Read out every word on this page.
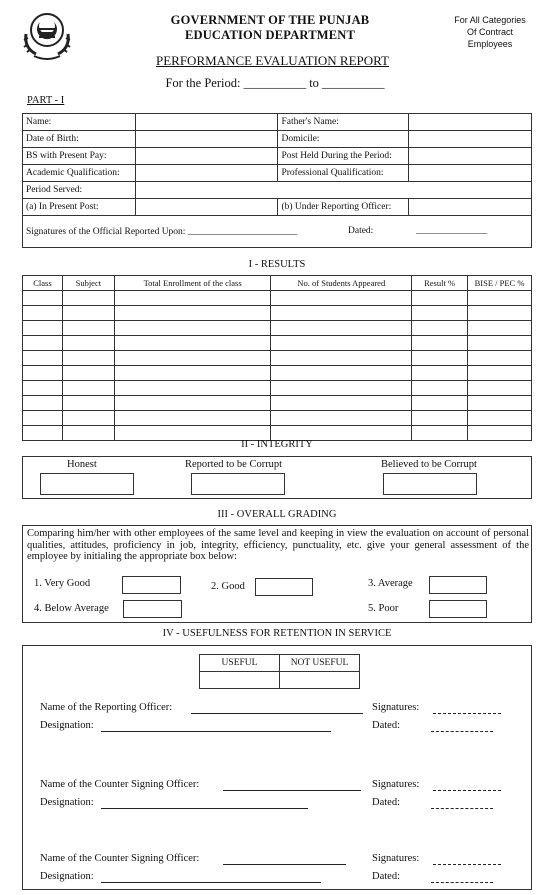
GOVERNMENT OF THE PUNJAB
EDUCATION DEPARTMENT
For All Categories
Of Contract
Employees
PERFORMANCE EVALUATION REPORT
For the Period: __________ to __________
PART - I
Name:		Father's Name:	
Date of Birth:		Domicile:	
BS with Present Pay:		Post Held During the Period:	
Academic Qualification:		Professional Qualification:	
Period Served:			
(a) In Present Post:		(b) Under Reporting Officer:	
Signatures of the Official Reported Upon: _______________________ Dated: _______________			
I - RESULTS
Class	Subject	Total Enrollment of the class	No. of Students Appeared	Result %	BISE / PEC %

II - INTEGRITY
Honest	Reported to be Corrupt	Believed to be Corrupt
III - OVERALL GRADING
Comparing him/her with other employees of the same level and keeping in view the evaluation on account of personal qualities, attitudes, proficiency in job, integrity, efficiency, punctuality, etc. give your general assessment of the employee by initialing the appropriate box below:
1. Very Good	2. Good	3. Average
4. Below Average	5. Poor
IV - USEFULNESS FOR RETENTION IN SERVICE
USEFUL	NOT USEFUL

Name of the Reporting Officer:	Signatures:
Designation:	Dated:
Name of the Counter Signing Officer:	Signatures:
Designation:	Dated:
Name of the Counter Signing Officer:	Signatures:
Designation:	Dated:
